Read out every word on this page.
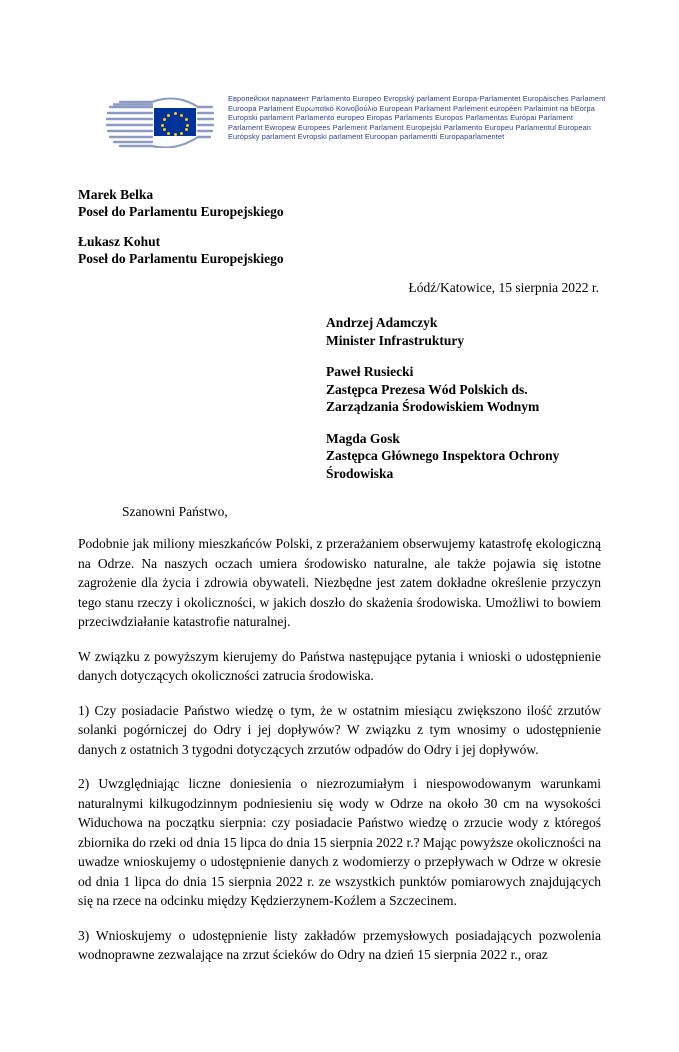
Европейски парламент Parlamento Europeo Evropský parlament Europa-Parlamentet Europäisches Parlament
Euroopa Parlament Ευρωπαϊκό Κοινοβούλιο European Parliament Parlement européen Parlaimint na hEorpa
Europski parlament Parlamento europeo Eiropas Parlaments Europos Parlamentas Európai Parlament
Parlament Ewropew Europees Parlement Parlament Europejski Parlamento Europeu Parlamentul European
Európsky parlament Evropski parlament Euroopan parlamentti Europaparlamentet
Marek Belka
Poseł do Parlamentu Europejskiego
Łukasz Kohut
Poseł do Parlamentu Europejskiego
Łódź/Katowice, 15 sierpnia 2022 r.
Andrzej Adamczyk
Minister Infrastruktury
Paweł Rusiecki
Zastępca Prezesa Wód Polskich ds.
Zarządzania Środowiskiem Wodnym
Magda Gosk
Zastępca Głównego Inspektora Ochrony
Środowiska
Szanowni Państwo,

Podobnie jak miliony mieszkańców Polski, z przerażaniem obserwujemy katastrofę ekologiczną na Odrze. Na naszych oczach umiera środowisko naturalne, ale także pojawia się istotne zagrożenie dla życia i zdrowia obywateli. Niezbędne jest zatem dokładne określenie przyczyn tego stanu rzeczy i okoliczności, w jakich doszło do skażenia środowiska. Umożliwi to bowiem przeciwdziałanie katastrofie naturalnej.

W związku z powyższym kierujemy do Państwa następujące pytania i wnioski o udostępnienie danych dotyczących okoliczności zatrucia środowiska.

1) Czy posiadacie Państwo wiedzę o tym, że w ostatnim miesiącu zwiększono ilość zrzutów solanki pogórniczej do Odry i jej dopływów? W związku z tym wnosimy o udostępnienie danych z ostatnich 3 tygodni dotyczących zrzutów odpadów do Odry i jej dopływów.

2) Uwzględniając liczne doniesienia o niezrozumiałym i niespowodowanym warunkami naturalnymi kilkugodzinnym podniesieniu się wody w Odrze na około 30 cm na wysokości Widuchowa na początku sierpnia: czy posiadacie Państwo wiedzę o zrzucie wody z któregoś zbiornika do rzeki od dnia 15 lipca do dnia 15 sierpnia 2022 r.? Mając powyższe okoliczności na uwadze wnioskujemy o udostępnienie danych z wodomierzy o przepływach w Odrze w okresie od dnia 1 lipca do dnia 15 sierpnia 2022 r. ze wszystkich punktów pomiarowych znajdujących się na rzece na odcinku między Kędzierzynem-Koźlem a Szczecinem.

3) Wnioskujemy o udostępnienie listy zakładów przemysłowych posiadających pozwolenia wodnoprawne zezwalające na zrzut ścieków do Odry na dzień 15 sierpnia 2022 r., oraz
